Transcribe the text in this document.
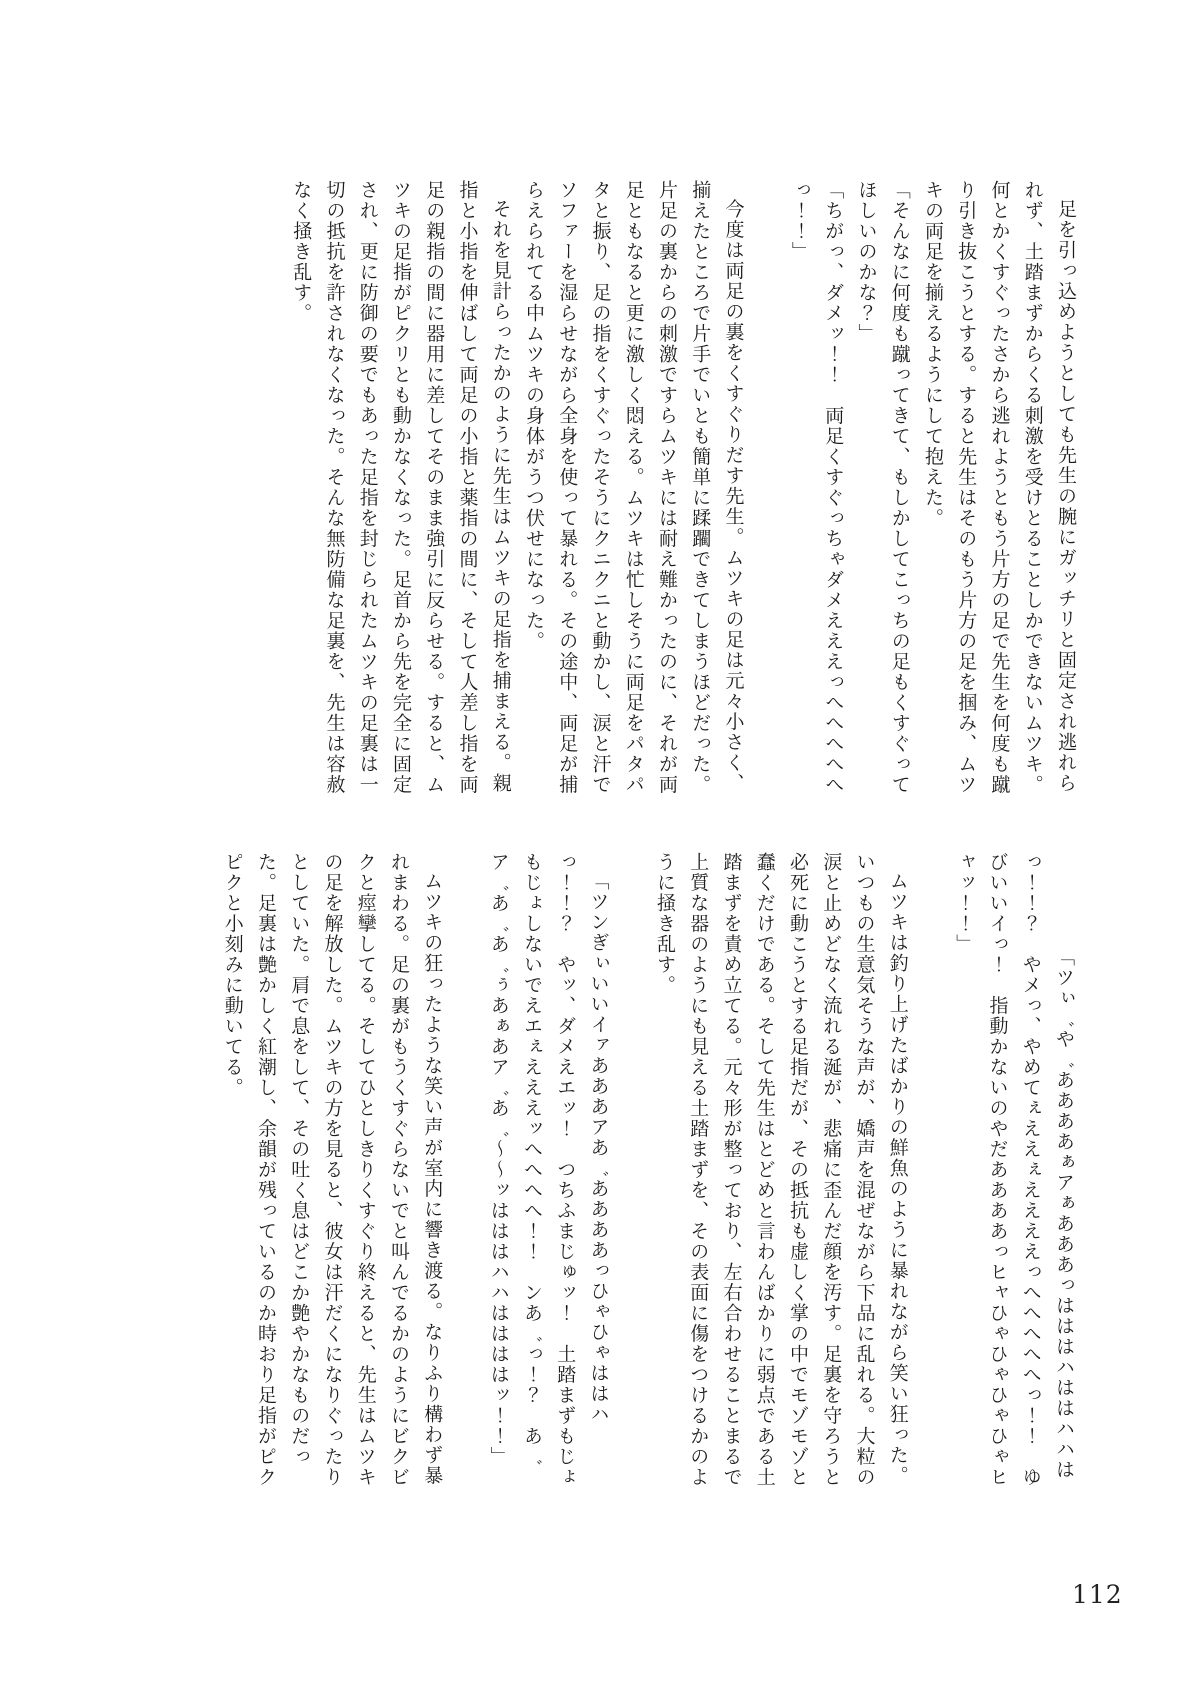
足を引っ込めようとしても先生の腕にガッチリと固定され逃れられず、土踏まずからくる刺激を受けとることしかできないムツキ。何とかくすぐったさから逃れようともう片方の足で先生を何度も蹴り引き抜こうとする。すると先生はそのもう片方の足を掴み、ムツキの両足を揃えるようにして抱えた。

「そんなに何度も蹴ってきて、もしかしてこっちの足もくすぐってほしいのかな？」

「ちがっ、ダメッ！！　両足くすぐっちゃダメえええっへへへへへっ！！」

今度は両足の裏をくすぐりだす先生。ムツキの足は元々小さく、揃えたところで片手でいとも簡単に蹂躙できてしまうほどだった。片足の裏からの刺激ですらムツキには耐え難かったのに、それが両足ともなると更に激しく悶える。ムツキは忙しそうに両足をパタパタと振り、足の指をくすぐったそうにクニクニと動かし、涙と汗でソファーを湿らせながら全身を使って暴れる。その途中、両足が捕らえられてる中ムツキの身体がうつ伏せになった。

それを見計らったかのように先生はムツキの足指を捕まえる。親指と小指を伸ばして両足の小指と薬指の間に、そして人差し指を両足の親指の間に器用に差してそのまま強引に反らせる。すると、ムツキの足指がピクリとも動かなくなった。足首から先を完全に固定され、更に防御の要でもあった足指を封じられたムツキの足裏は一切の抵抗を許されなくなった。そんな無防備な足裏を、先生は容赦なく掻き乱す。

「ツぃ゛や゛ああああぁアぁあああっはははハははハハはっ！！？　やメっ、やめてぇええぇええええっへへへへへっ！！　ゆびいいイっ！　指動かないのやだああああっヒャひゃひゃひゃひゃヒャッ！！」

ムツキは釣り上げたばかりの鮮魚のように暴れながら笑い狂った。いつもの生意気そうな声が、嬌声を混ぜながら下品に乱れる。大粒の涙と止めどなく流れる涎が、悲痛に歪んだ顔を汚す。足裏を守ろうと必死に動こうとする足指だが、その抵抗も虚しく掌の中でモゾモゾと蠢くだけである。そして先生はとどめと言わんばかりに弱点である土踏まずを責め立てる。元々形が整っており、左右合わせることまるで上質な器のようにも見える土踏まずを、その表面に傷をつけるかのように掻き乱す。

「ツンぎぃいいイァあああアあ゛ああああっひゃひゃははハっ！！？　やッ、ダメえエッ！　つちふまじゅッ！　土踏まずもじょもじょしないでえエぇえええッへへへへ！！　ンあ゛っ！？　あ゛ア゛あ゛あ゛ぅあぁあア゛あ゛〜〜ッはははハハははははッ！！」

ムツキの狂ったような笑い声が室内に響き渡る。なりふり構わず暴れまわる。足の裏がもうくすぐらないでと叫んでるかのようにビクビクと痙攣してる。そしてひとしきりくすぐり終えると、先生はムツキの足を解放した。ムツキの方を見ると、彼女は汗だくになりぐったりとしていた。肩で息をして、その吐く息はどこか艶やかなものだった。足裏は艶かしく紅潮し、余韻が残っているのか時おり足指がピクピクと小刻みに動いてる。

112
